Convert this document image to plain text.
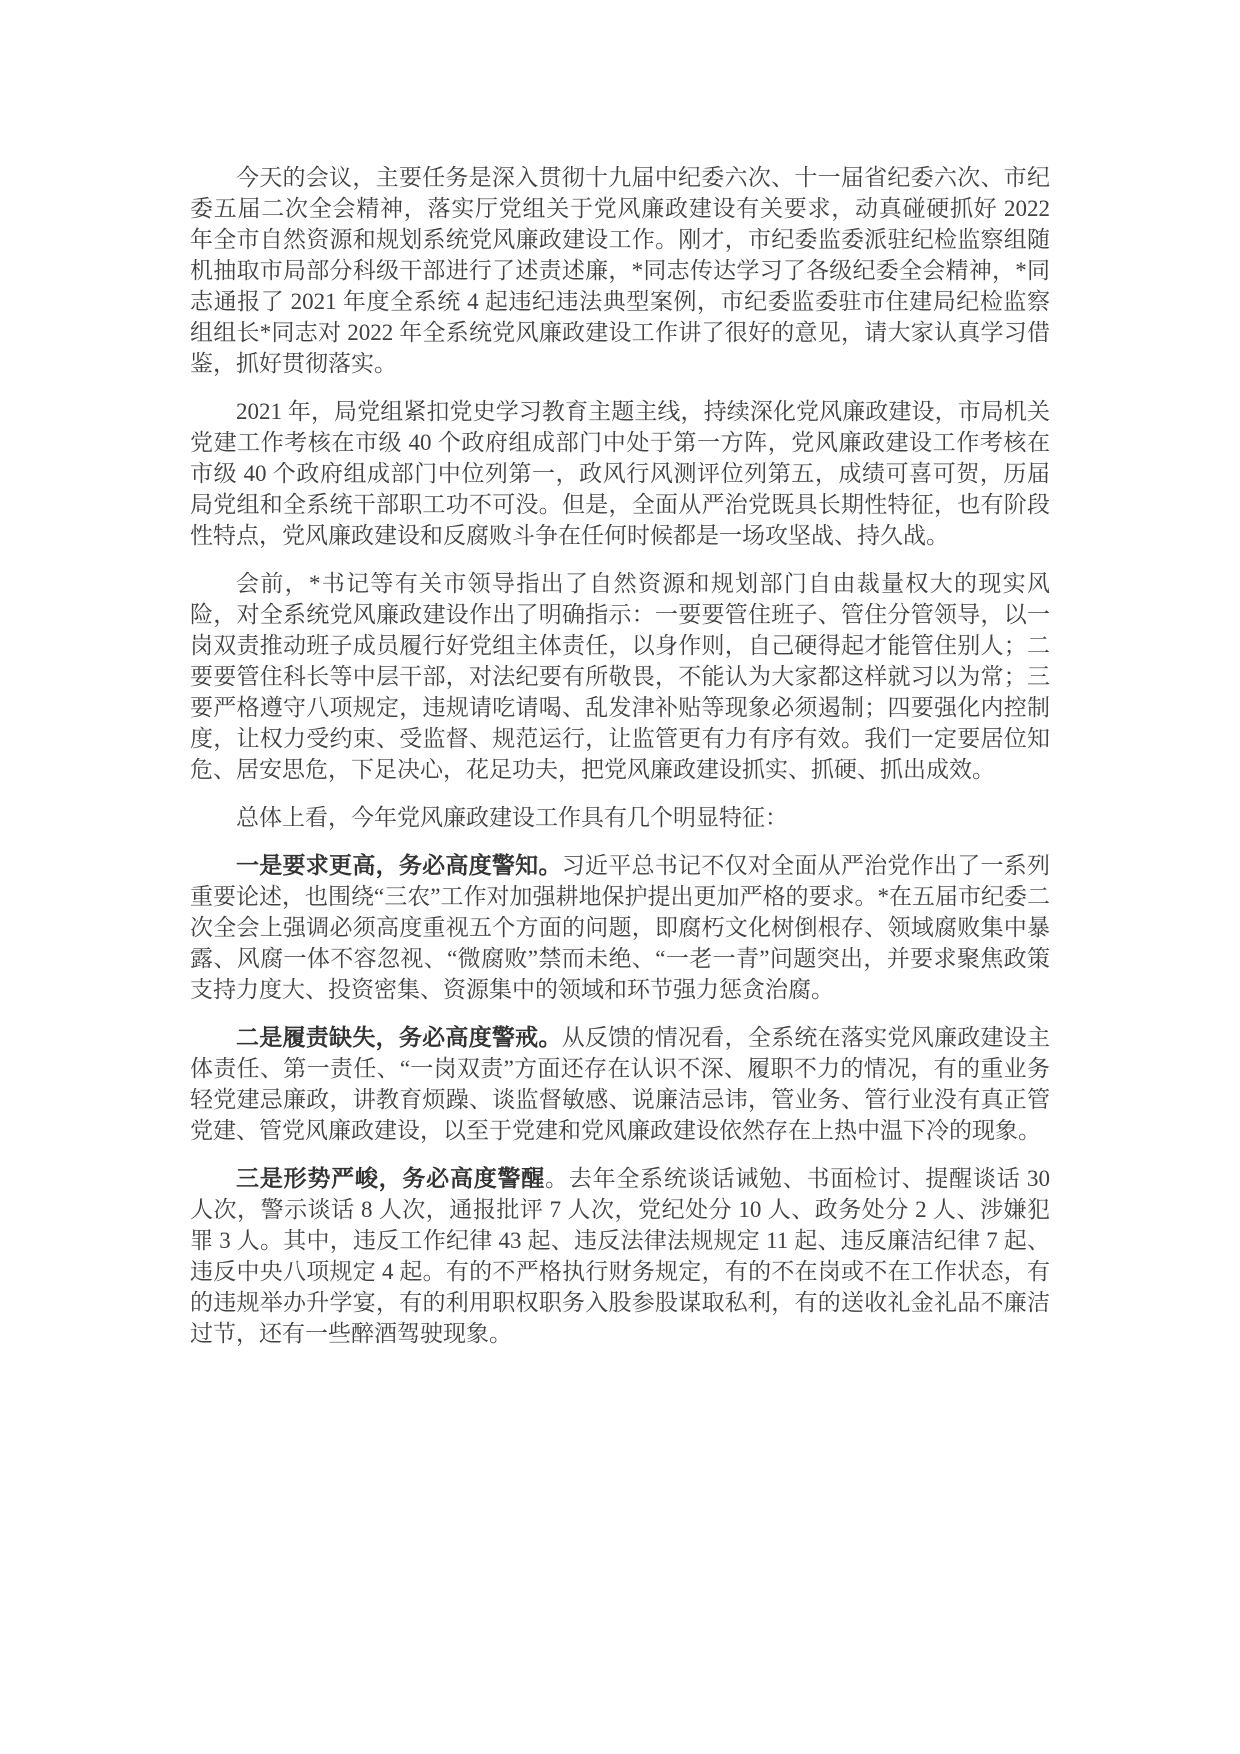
今天的会议，主要任务是深入贯彻十九届中纪委六次、十一届省纪委六次、市纪委五届二次全会精神，落实厅党组关于党风廉政建设有关要求，动真碰硬抓好 2022 年全市自然资源和规划系统党风廉政建设工作。刚才，市纪委监委派驻纪检监察组随机抽取市局部分科级干部进行了述责述廉，*同志传达学习了各级纪委全会精神，*同志通报了 2021 年度全系统 4 起违纪违法典型案例，市纪委监委驻市住建局纪检监察组组长*同志对 2022 年全系统党风廉政建设工作讲了很好的意见，请大家认真学习借鉴，抓好贯彻落实。

2021 年，局党组紧扣党史学习教育主题主线，持续深化党风廉政建设，市局机关党建工作考核在市级 40 个政府组成部门中处于第一方阵，党风廉政建设工作考核在市级 40 个政府组成部门中位列第一，政风行风测评位列第五，成绩可喜可贺，历届局党组和全系统干部职工功不可没。但是，全面从严治党既具长期性特征，也有阶段性特点，党风廉政建设和反腐败斗争在任何时候都是一场攻坚战、持久战。

会前，*书记等有关市领导指出了自然资源和规划部门自由裁量权大的现实风险，对全系统党风廉政建设作出了明确指示：一要要管住班子、管住分管领导，以一岗双责推动班子成员履行好党组主体责任，以身作则，自己硬得起才能管住别人；二要要管住科长等中层干部，对法纪要有所敬畏，不能认为大家都这样就习以为常；三要严格遵守八项规定，违规请吃请喝、乱发津补贴等现象必须遏制；四要强化内控制度，让权力受约束、受监督、规范运行，让监管更有力有序有效。我们一定要居位知危、居安思危，下足决心，花足功夫，把党风廉政建设抓实、抓硬、抓出成效。

总体上看，今年党风廉政建设工作具有几个明显特征：

一是要求更高，务必高度警知。习近平总书记不仅对全面从严治党作出了一系列重要论述，也围绕“三农”工作对加强耕地保护提出更加严格的要求。*在五届市纪委二次全会上强调必须高度重视五个方面的问题，即腐朽文化树倒根存、领域腐败集中暴露、风腐一体不容忽视、“微腐败”禁而未绝、“一老一青”问题突出，并要求聚焦政策支持力度大、投资密集、资源集中的领域和环节强力惩贪治腐。

二是履责缺失，务必高度警戒。从反馈的情况看，全系统在落实党风廉政建设主体责任、第一责任、“一岗双责”方面还存在认识不深、履职不力的情况，有的重业务轻党建忌廉政，讲教育烦躁、谈监督敏感、说廉洁忌讳，管业务、管行业没有真正管党建、管党风廉政建设，以至于党建和党风廉政建设依然存在上热中温下冷的现象。

三是形势严峻，务必高度警醒。去年全系统谈话诫勉、书面检讨、提醒谈话 30 人次，警示谈话 8 人次，通报批评 7 人次，党纪处分 10 人、政务处分 2 人、涉嫌犯罪 3 人。其中，违反工作纪律 43 起、违反法律法规规定 11 起、违反廉洁纪律 7 起、违反中央八项规定 4 起。有的不严格执行财务规定，有的不在岗或不在工作状态，有的违规举办升学宴，有的利用职权职务入股参股谋取私利，有的送收礼金礼品不廉洁过节，还有一些醉酒驾驶现象。
